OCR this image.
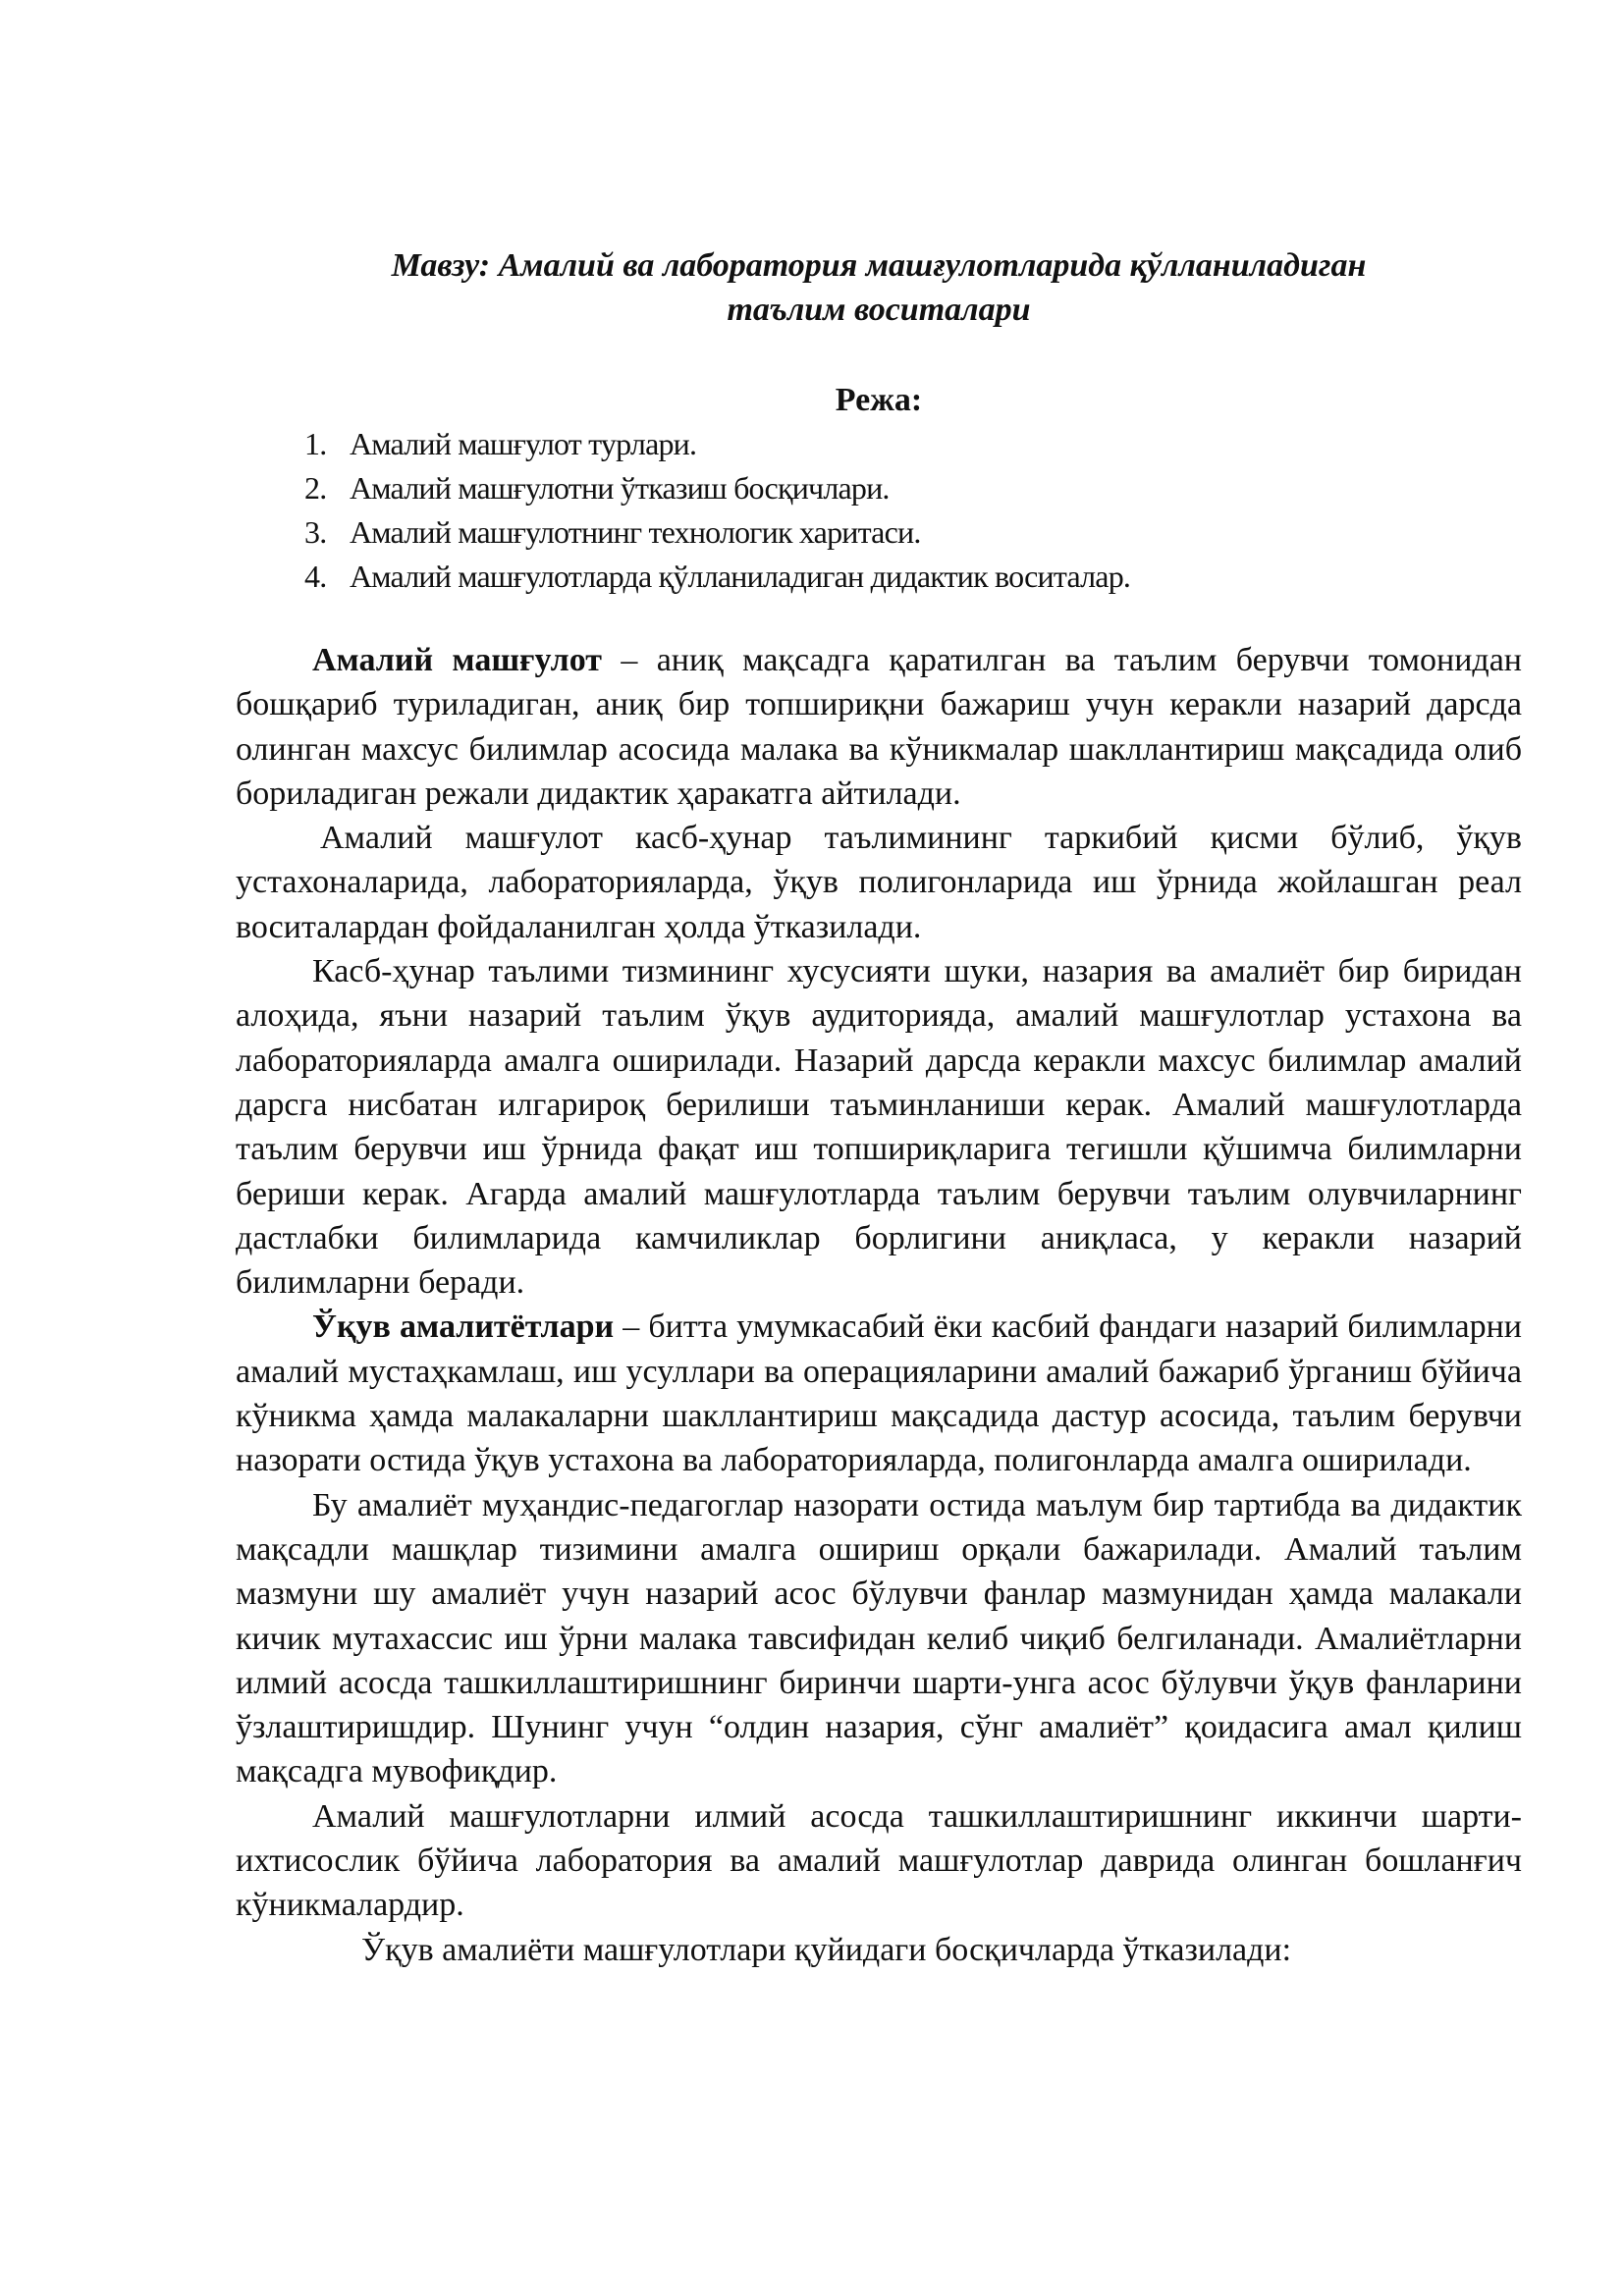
Мавзу: Амалий ва лаборатория машғулотларида қўлланиладиган
таълим воситалари
Режа:
1. Амалий машғулот турлари.
2. Амалий машғулотни ўтказиш босқичлари.
3. Амалий машғулотнинг технологик харитаси.
4. Амалий машғулотларда қўлланиладиган дидактик воситалар.

Амалий машғулот – аниқ мақсадга қаратилган ва таълим берувчи томонидан бошқариб туриладиган, аниқ бир топшириқни бажариш учун керакли назарий дарсда олинган махсус билимлар асосида малака ва кўникмалар шакллантириш мақсадида олиб бориладиган режали дидактик ҳаракатга айтилади.

Амалий машғулот касб-ҳунар таълимининг таркибий қисми бўлиб, ўқув устахоналарида, лабораторияларда, ўқув полигонларида иш ўрнида жойлашган реал воситалардан фойдаланилган ҳолда ўтказилади.

Касб-ҳунар таълими тизмининг хусусияти шуки, назария ва амалиёт бир биридан алоҳида, яъни назарий таълим ўқув аудиторияда, амалий машғулотлар устахона ва лабораторияларда амалга оширилади. Назарий дарсда керакли махсус билимлар амалий дарсга нисбатан илгарироқ берилиши таъминланиши керак. Амалий машғулотларда таълим берувчи иш ўрнида фақат иш топшириқларига тегишли қўшимча билимларни бериши керак. Агарда амалий машғулотларда таълим берувчи таълим олувчиларнинг дастлабки билимларида камчиликлар борлигини аниқласа, у керакли назарий билимларни беради.

Ўқув амалитётлари – битта умумкасабий ёки касбий фандаги назарий билимларни амалий мустаҳкамлаш, иш усуллари ва операцияларини амалий бажариб ўрганиш бўйича кўникма ҳамда малакаларни шакллантириш мақсадида дастур асосида, таълим берувчи назорати остида ўқув устахона ва лабораторияларда, полигонларда амалга оширилади.

Бу амалиёт муҳандис-педагоглар назорати остида маълум бир тартибда ва дидактик мақсадли машқлар тизимини амалга ошириш орқали бажарилади. Амалий таълим мазмуни шу амалиёт учун назарий асос бўлувчи фанлар мазмунидан ҳамда малакали кичик мутахассис иш ўрни малака тавсифидан келиб чиқиб белгиланади. Амалиётларни илмий асосда ташкиллаштиришнинг биринчи шарти-унга асос бўлувчи ўқув фанларини ўзлаштиришдир. Шунинг учун “олдин назария, сўнг амалиёт” қоидасига амал қилиш мақсадга мувофиқдир.

Амалий машғулотларни илмий асосда ташкиллаштиришнинг иккинчи шарти-ихтисослик бўйича лаборатория ва амалий машғулотлар даврида олинган бошланғич кўникмалардир.

Ўқув амалиёти машғулотлари қуйидаги босқичларда ўтказилади:
